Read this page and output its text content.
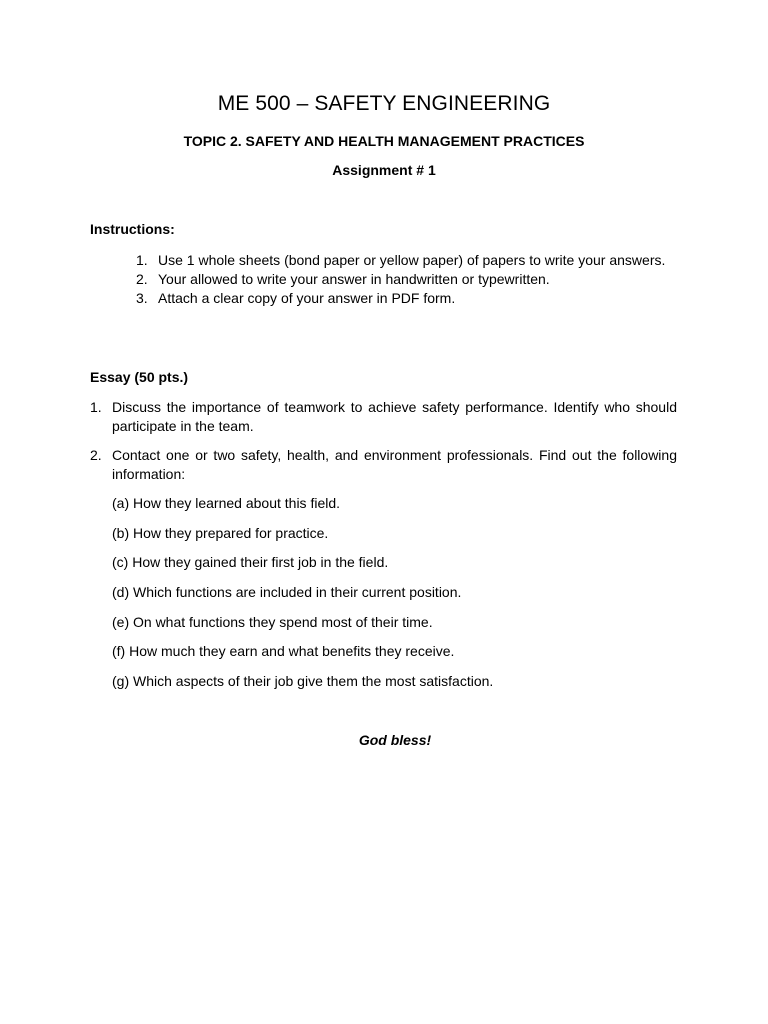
ME 500 – SAFETY ENGINEERING
TOPIC 2. SAFETY AND HEALTH MANAGEMENT PRACTICES
Assignment # 1
Instructions:
1. Use 1 whole sheets (bond paper or yellow paper) of papers to write your answers.
2. Your allowed to write your answer in handwritten or typewritten.
3. Attach a clear copy of your answer in PDF form.
Essay (50 pts.)
1. Discuss the importance of teamwork to achieve safety performance. Identify who should participate in the team.
2. Contact one or two safety, health, and environment professionals. Find out the following information:
(a) How they learned about this field.
(b) How they prepared for practice.
(c) How they gained their first job in the field.
(d) Which functions are included in their current position.
(e) On what functions they spend most of their time.
(f) How much they earn and what benefits they receive.
(g) Which aspects of their job give them the most satisfaction.
God bless!
